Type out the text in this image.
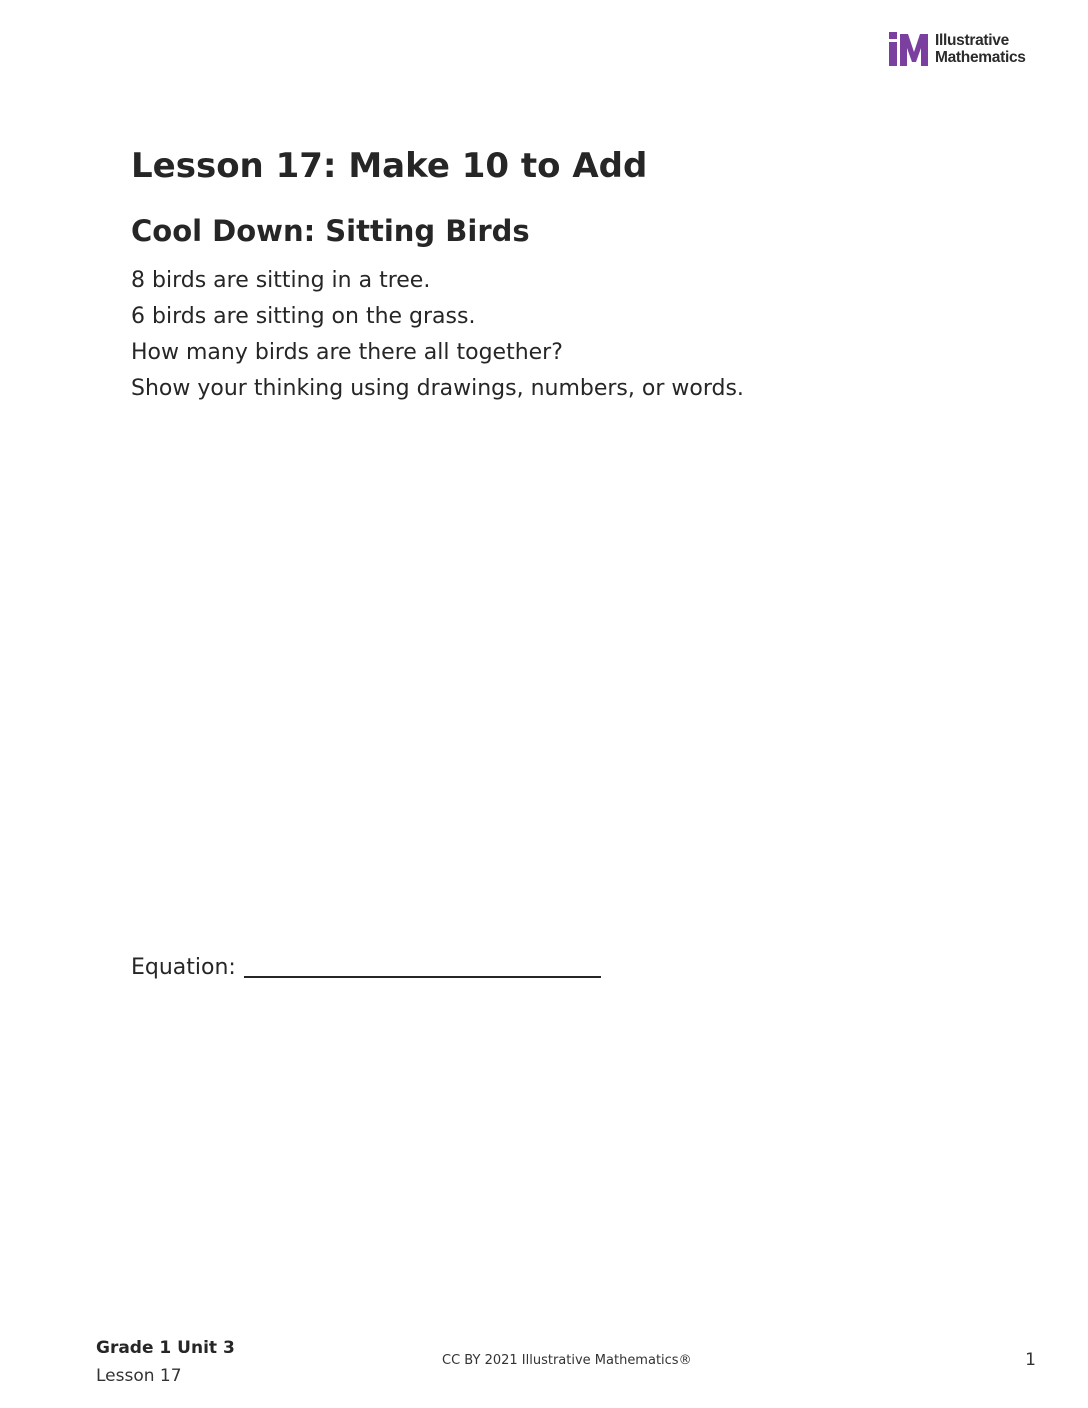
Illustrative
Mathematics
Lesson 17: Make 10 to Add
Cool Down: Sitting Birds

8 birds are sitting in a tree.
6 birds are sitting on the grass.
How many birds are there all together?
Show your thinking using drawings, numbers, or words.

Equation:
Grade 1 Unit 3
Lesson 17
CC BY 2021 Illustrative Mathematics®	1
